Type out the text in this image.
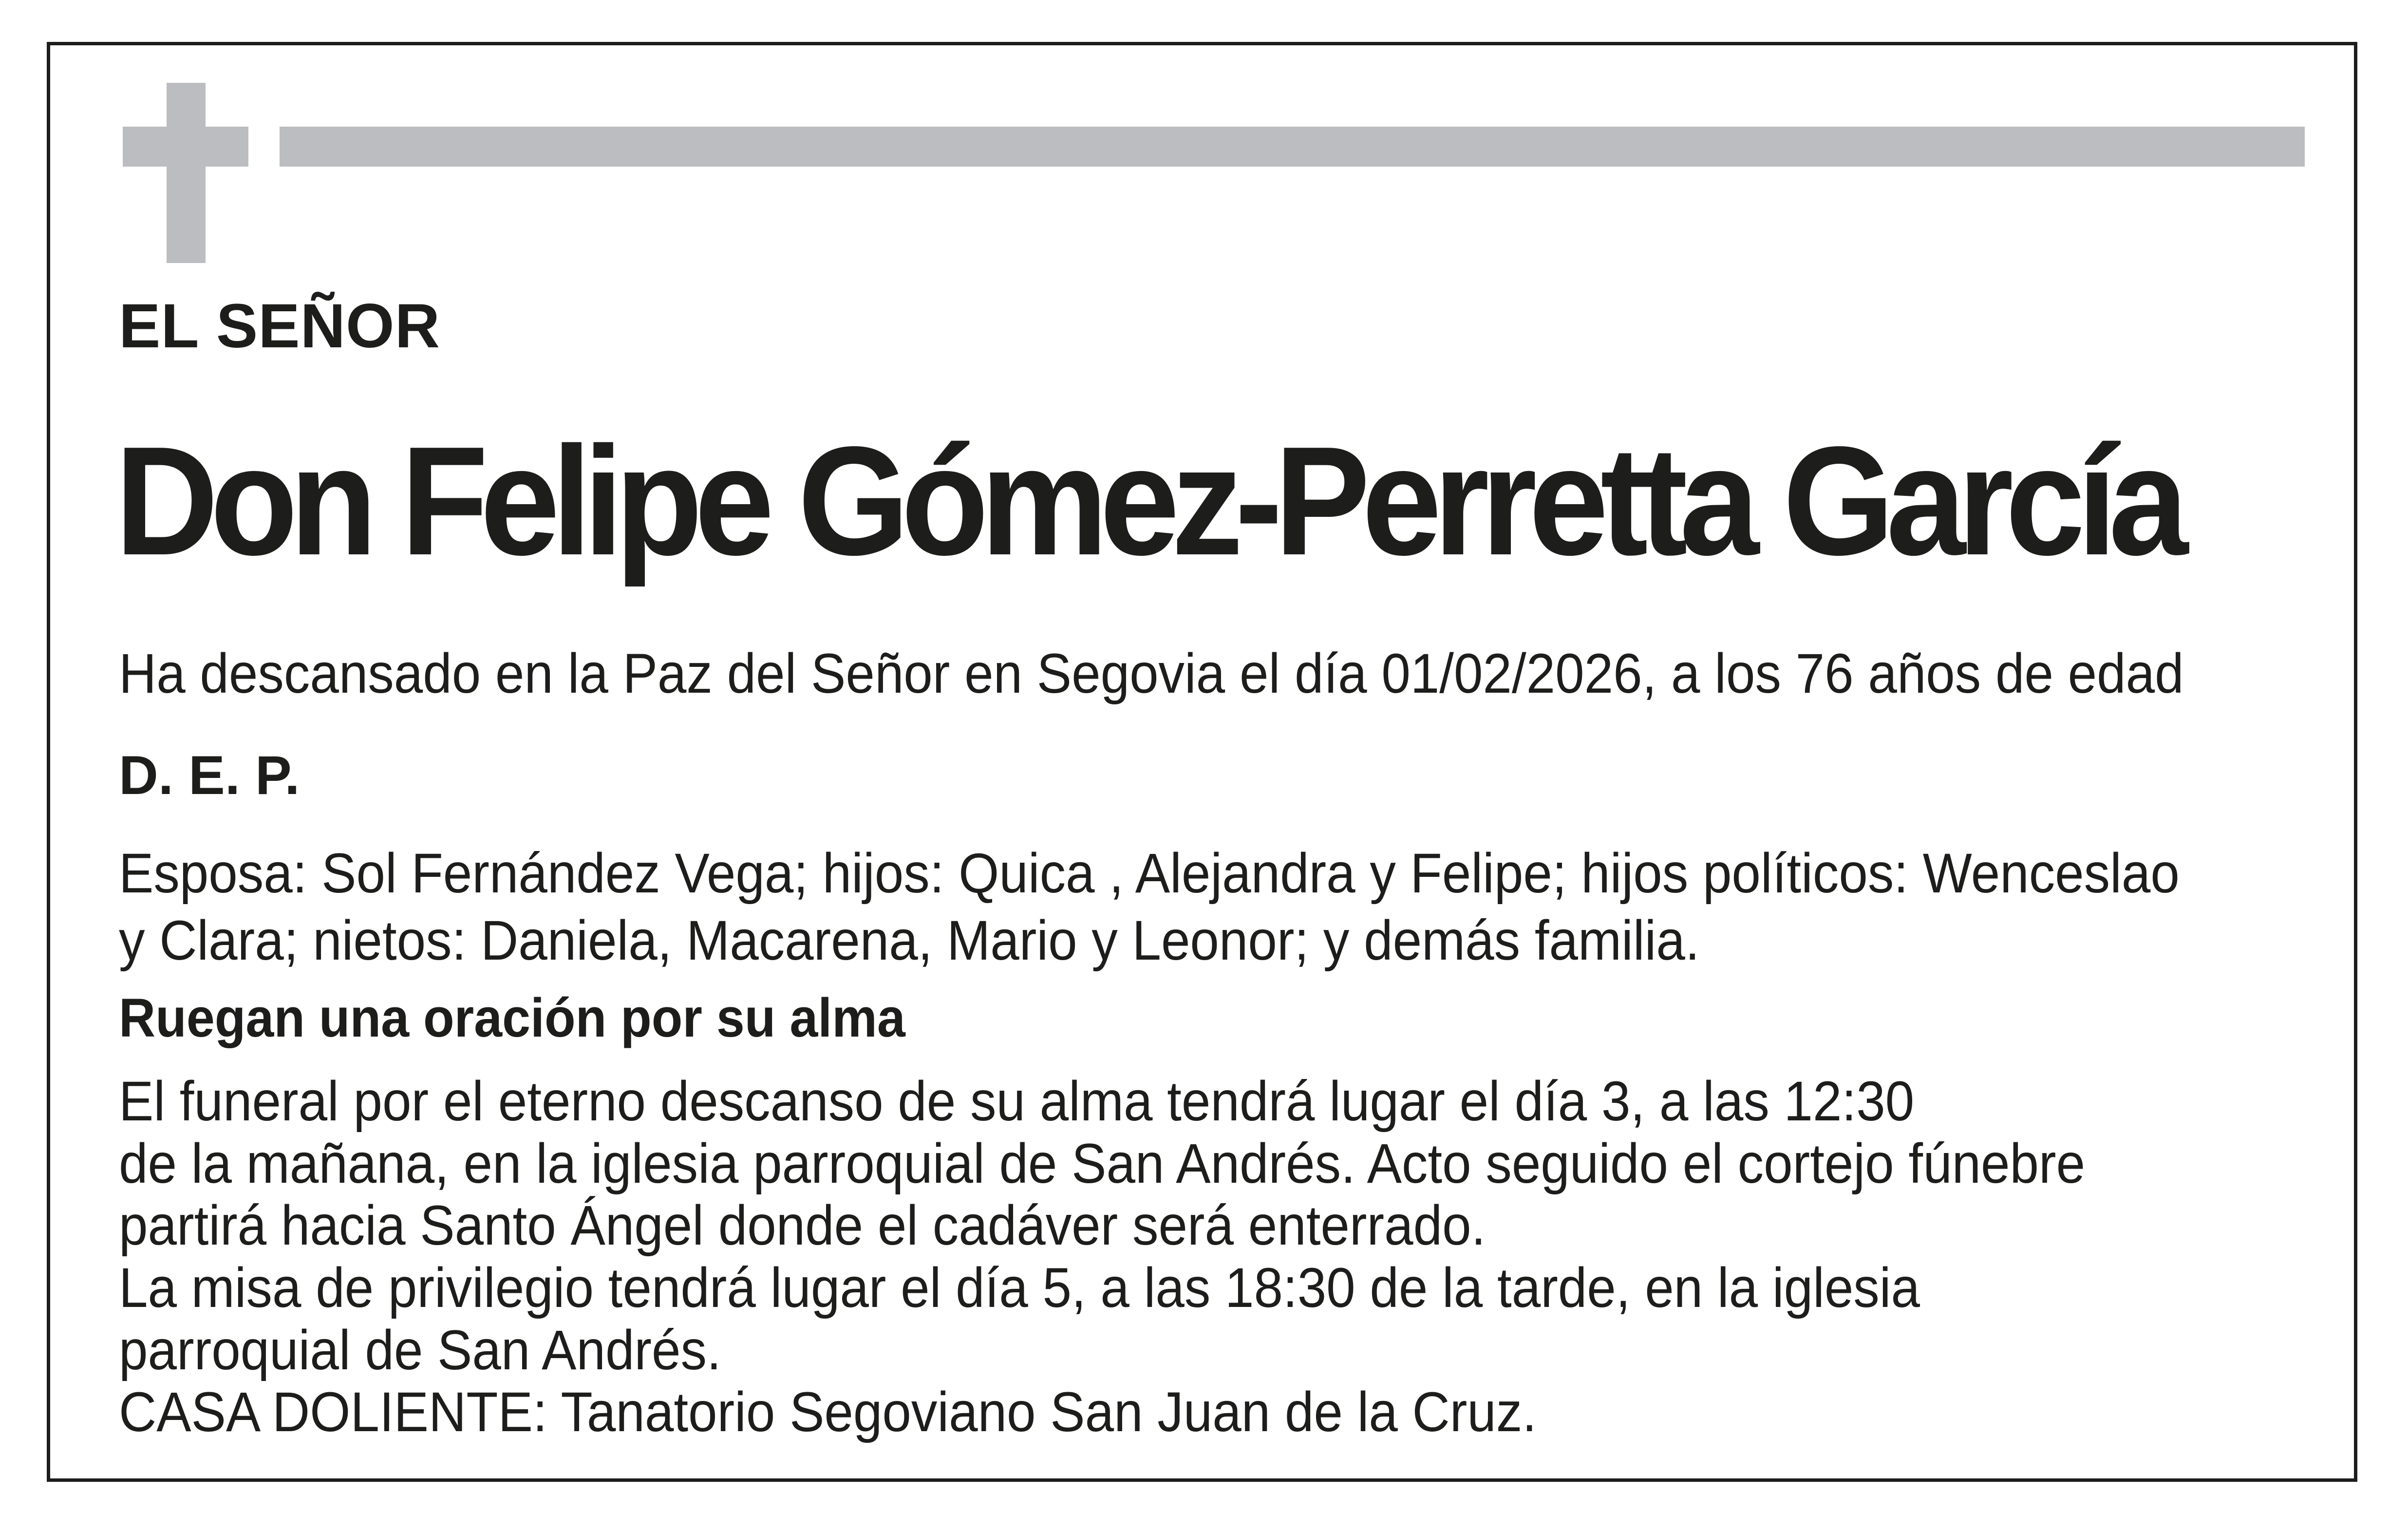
EL SEÑOR
Don Felipe Gómez-Perretta García
Ha descansado en la Paz del Señor en Segovia el día 01/02/2026, a los 76 años de edad
D. E. P.
Esposa: Sol Fernández Vega; hijos: Quica , Alejandra y Felipe; hijos políticos: Wenceslao
y Clara; nietos: Daniela, Macarena, Mario y Leonor; y demás familia.
Ruegan una oración por su alma
El funeral por el eterno descanso de su alma tendrá lugar el día 3, a las 12:30
de la mañana, en la iglesia parroquial de San Andrés. Acto seguido el cortejo fúnebre
partirá hacia Santo Ángel donde el cadáver será enterrado.
La misa de privilegio tendrá lugar el día 5, a las 18:30 de la tarde, en la iglesia
parroquial de San Andrés.
CASA DOLIENTE: Tanatorio Segoviano San Juan de la Cruz.
